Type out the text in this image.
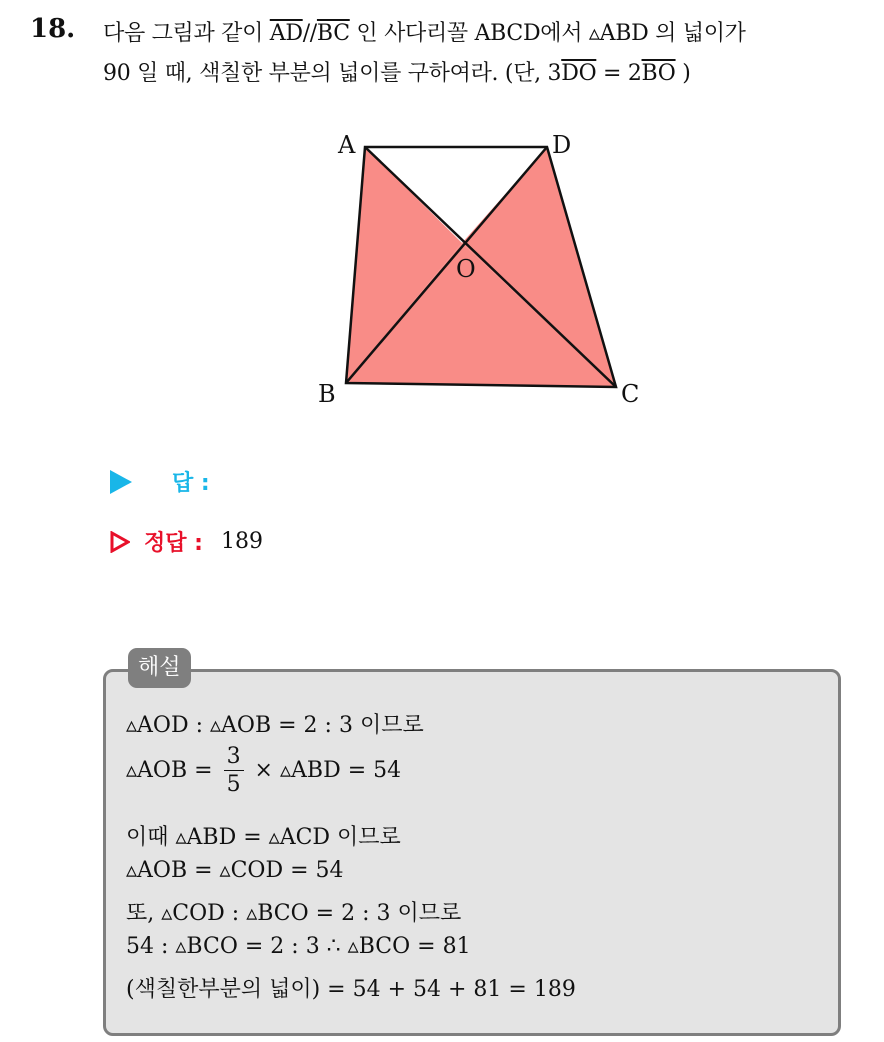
18. 다음 그림과 같이 $\overline{AD}//\overline{BC}$ 인 사다리꼴 ABCD에서 ▵ABD 의 넓이가
90 일 때, 색칠한 부분의 넓이를 구하여라. (단, $3\overline{DO} = 2\overline{BO}$ )
A	D
O
B	C
답 :
정답 : 189
해설
▵AOD : ▵AOB = 2 : 3 이므로
▵AOB = $\frac{3}{5}$ × ▵ABD = 54
이때 ▵ABD = ▵ACD 이므로
▵AOB = ▵COD = 54
또, ▵COD : ▵BCO = 2 : 3 이므로
54 : ▵BCO = 2 : 3 ∴ ▵BCO = 81
(색칠한부분의 넓이) = 54 + 54 + 81 = 189
